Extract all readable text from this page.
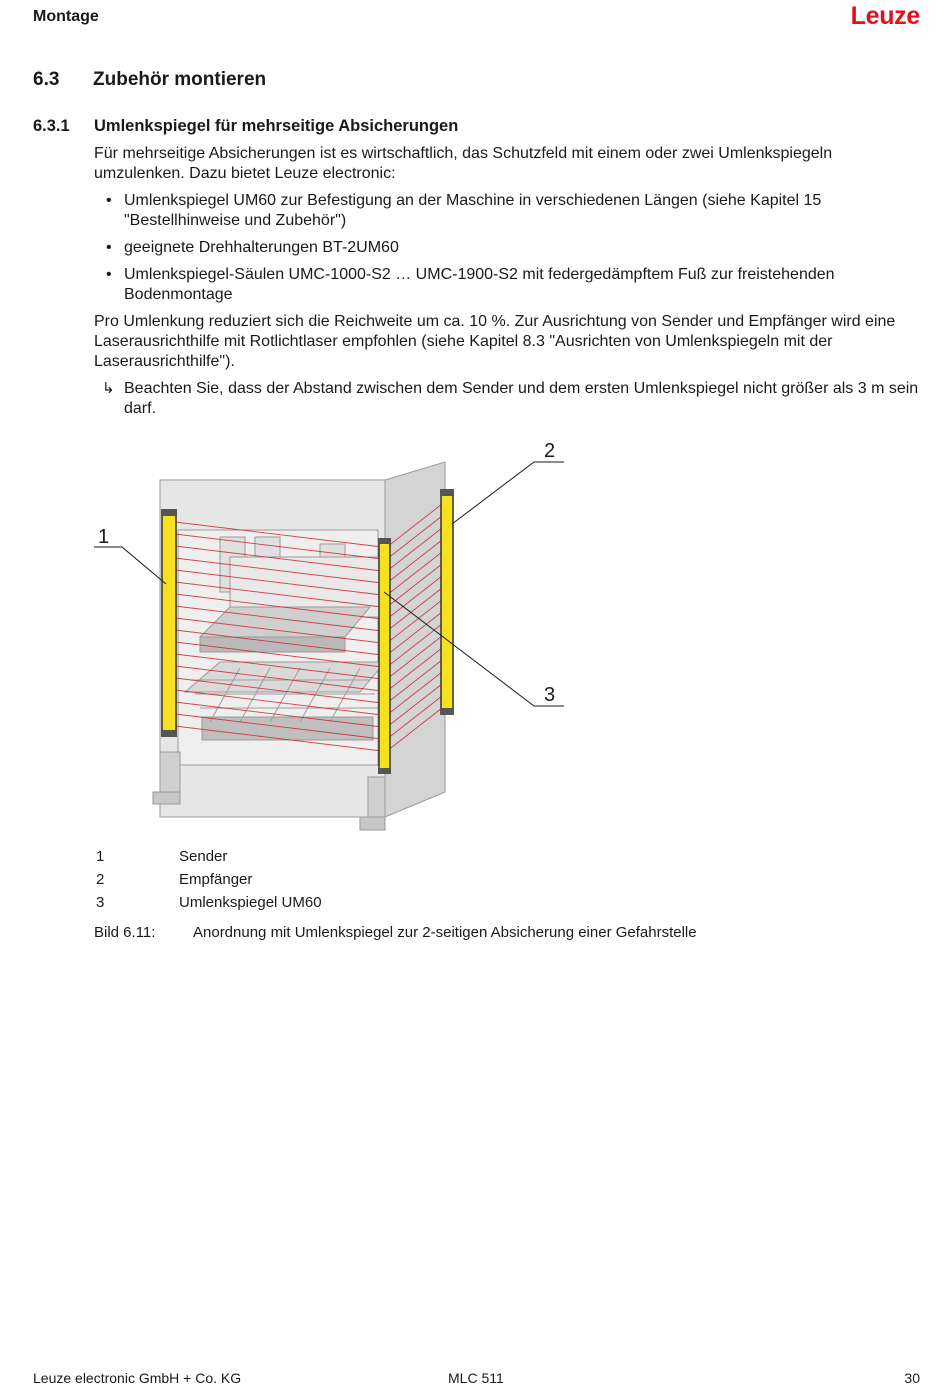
Montage	Leuze
6.3 Zubehör montieren
6.3.1 Umlenkspiegel für mehrseitige Absicherungen

Für mehrseitige Absicherungen ist es wirtschaftlich, das Schutzfeld mit einem oder zwei Umlenkspiegeln umzulenken. Dazu bietet Leuze electronic:

• Umlenkspiegel UM60 zur Befestigung an der Maschine in verschiedenen Längen (siehe Kapitel 15 "Bestellhinweise und Zubehör")
• geeignete Drehhalterungen BT-2UM60
• Umlenkspiegel-Säulen UMC-1000-S2 … UMC-1900-S2 mit federgedämpftem Fuß zur freistehenden Bodenmontage

Pro Umlenkung reduziert sich die Reichweite um ca. 10 %. Zur Ausrichtung von Sender und Empfänger wird eine Laserausrichthilfe mit Rotlichtlaser empfohlen (siehe Kapitel 8.3 "Ausrichten von Umlenkspiegeln mit der Laserausrichthilfe").

↳ Beachten Sie, dass der Abstand zwischen dem Sender und dem ersten Umlenkspiegel nicht größer als 3 m sein darf.
1
2
3
1	Sender
2	Empfänger
3	Umlenkspiegel UM60
Bild 6.11:	Anordnung mit Umlenkspiegel zur 2-seitigen Absicherung einer Gefahrstelle
Leuze electronic GmbH + Co. KG	MLC 511	30
